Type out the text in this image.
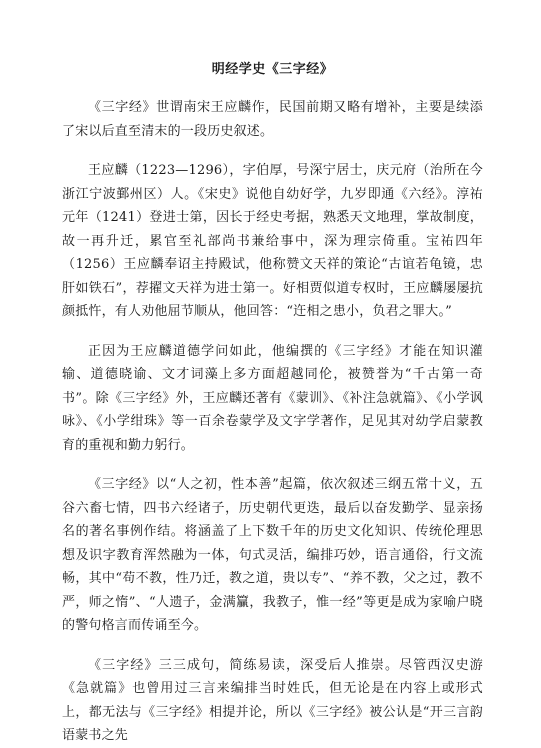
明经学史《三字经》

《三字经》世谓南宋王应麟作，民国前期又略有增补，主要是续添了宋以后直至清末的一段历史叙述。

王应麟（1223—1296），字伯厚，号深宁居士，庆元府（治所在今浙江宁波鄞州区）人。《宋史》说他自幼好学，九岁即通《六经》。淳祐元年（1241）登进士第，因长于经史考据，熟悉天文地理，掌故制度，故一再升迁，累官至礼部尚书兼给事中，深为理宗倚重。宝祐四年（1256）王应麟奉诏主持殿试，他称赞文天祥的策论“古谊若龟镜，忠肝如铁石”，荐擢文天祥为进士第一。好相贾似道专权时，王应麟屡屡抗颜抵忤，有人劝他屈节顺从，他回答：“迕相之患小，负君之罪大。”

正因为王应麟道德学问如此，他编撰的《三字经》才能在知识灌输、道德晓谕、文才词藻上多方面超越同伦，被赞誉为“千古第一奇书”。除《三字经》外，王应麟还著有《蒙训》、《补注急就篇》、《小学讽咏》、《小学绀珠》等一百余卷蒙学及文字学著作，足见其对幼学启蒙教育的重视和勤力躬行。

《三字经》以“人之初，性本善”起篇，依次叙述三纲五常十义，五谷六畜七情，四书六经诸子，历史朝代更迭，最后以奋发勤学、显亲扬名的著名事例作结。将涵盖了上下数千年的历史文化知识、传统伦理思想及识字教育浑然融为一体，句式灵活，编排巧妙，语言通俗，行文流畅，其中“苟不教，性乃迁，教之道，贵以专”、“养不教，父之过，教不严，师之惰”、“人遗子，金满籯，我教子，惟一经”等更是成为家喻户晓的警句格言而传诵至今。

《三字经》三三成句，简练易读，深受后人推崇。尽管西汉史游《急就篇》也曾用过三言来编排当时姓氏，但无论是在内容上或形式上，都无法与《三字经》相提并论，所以《三字经》被公认是“开三言韵语蒙书之先
